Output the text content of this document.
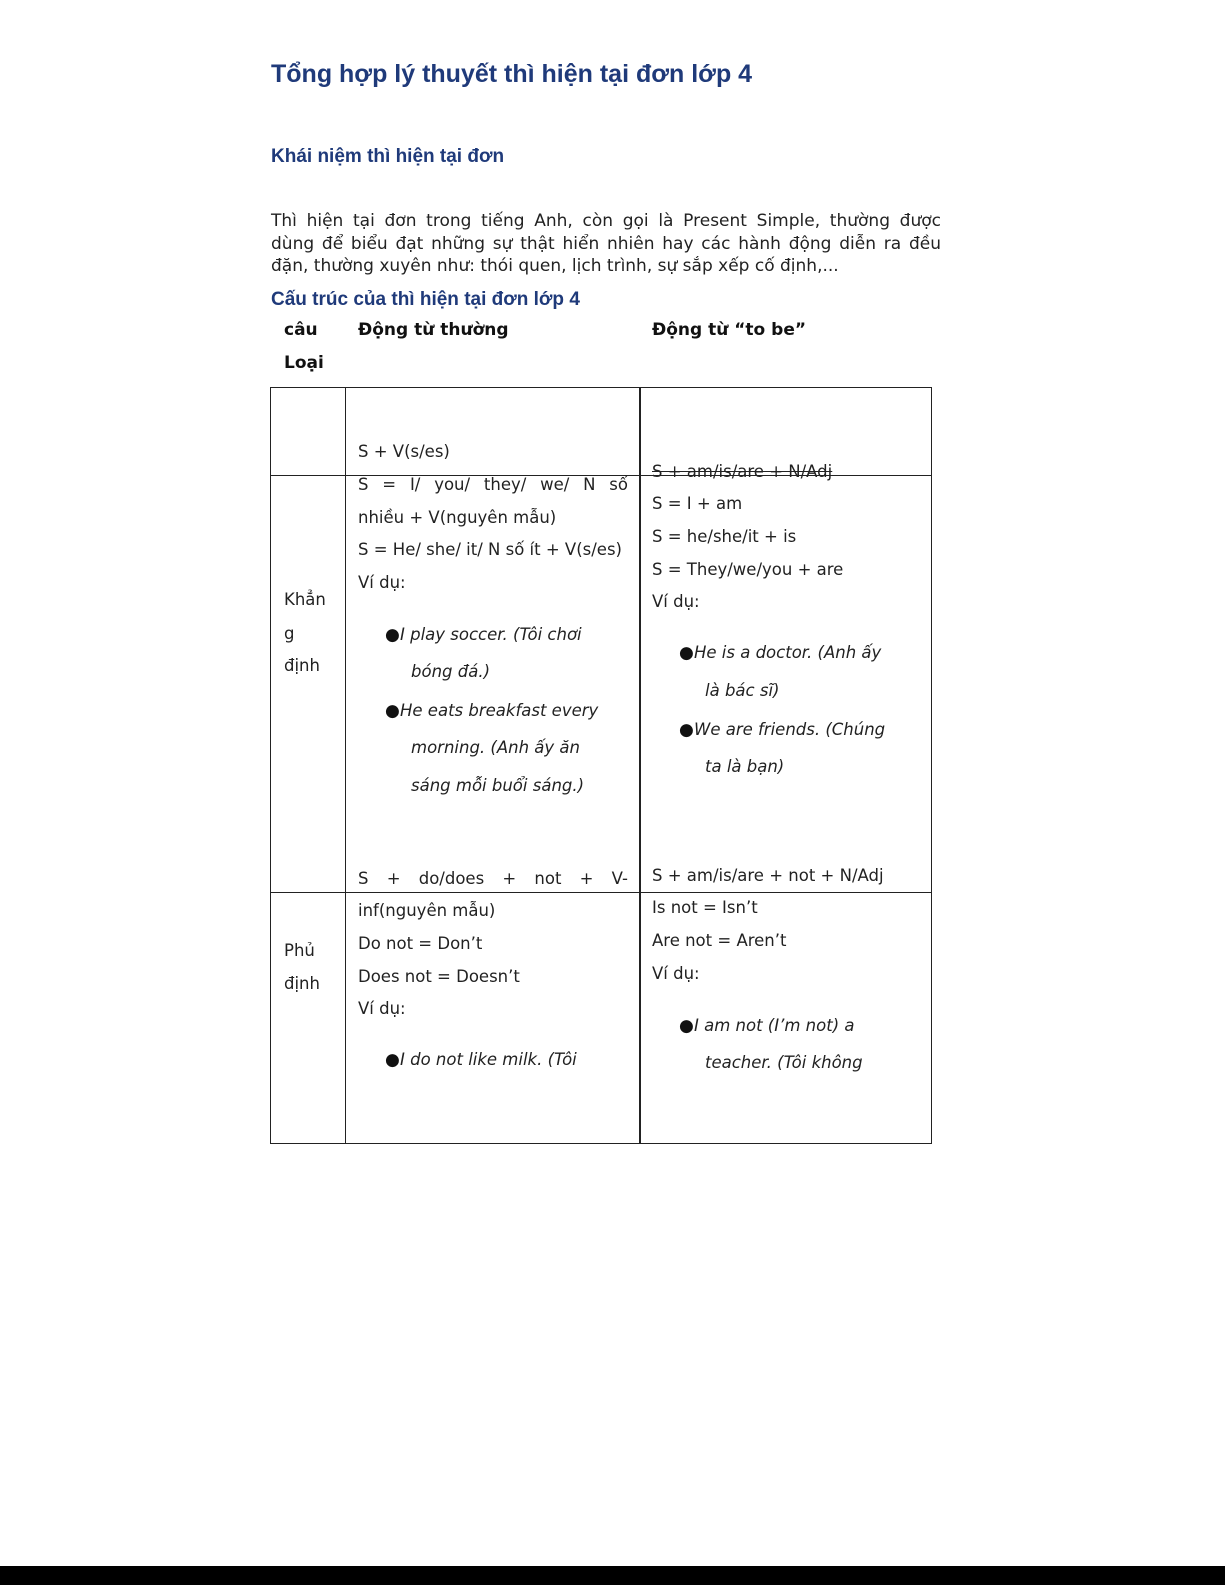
Tổng hợp lý thuyết thì hiện tại đơn lớp 4
Khái niệm thì hiện tại đơn
Thì hiện tại đơn trong tiếng Anh, còn gọi là Present Simple, thường được
dùng để biểu đạt những sự thật hiển nhiên hay các hành động diễn ra đều
đặn, thường xuyên như: thói quen, lịch trình, sự sắp xếp cố định,...
Cấu trúc của thì hiện tại đơn lớp 4
câu
Loại
Động từ thường	Động từ “to be”
Khẳn
g
định
S + V(s/es)
S = I/ you/ they/ we/ N số
nhiều + V(nguyên mẫu)
S = He/ she/ it/ N số ít + V(s/es)
Ví dụ:
● I play soccer. (Tôi chơi
bóng đá.)
● He eats breakfast every
morning. (Anh ấy ăn
sáng mỗi buổi sáng.)
S + am/is/are + N/Adj
S = I + am
S = he/she/it + is
S = They/we/you + are
Ví dụ:
● He is a doctor. (Anh ấy
là bác sĩ)
● We are friends. (Chúng
ta là bạn)
S + do/does + not + V- S + am/is/are + not + N/Adj
Phủ
định
inf(nguyên mẫu)
Do not = Don’t
Does not = Doesn’t
Ví dụ:
● I do not like milk. (Tôi
Is not = Isn’t
Are not = Aren’t
Ví dụ:
● I am not (I’m not) a
teacher. (Tôi không
